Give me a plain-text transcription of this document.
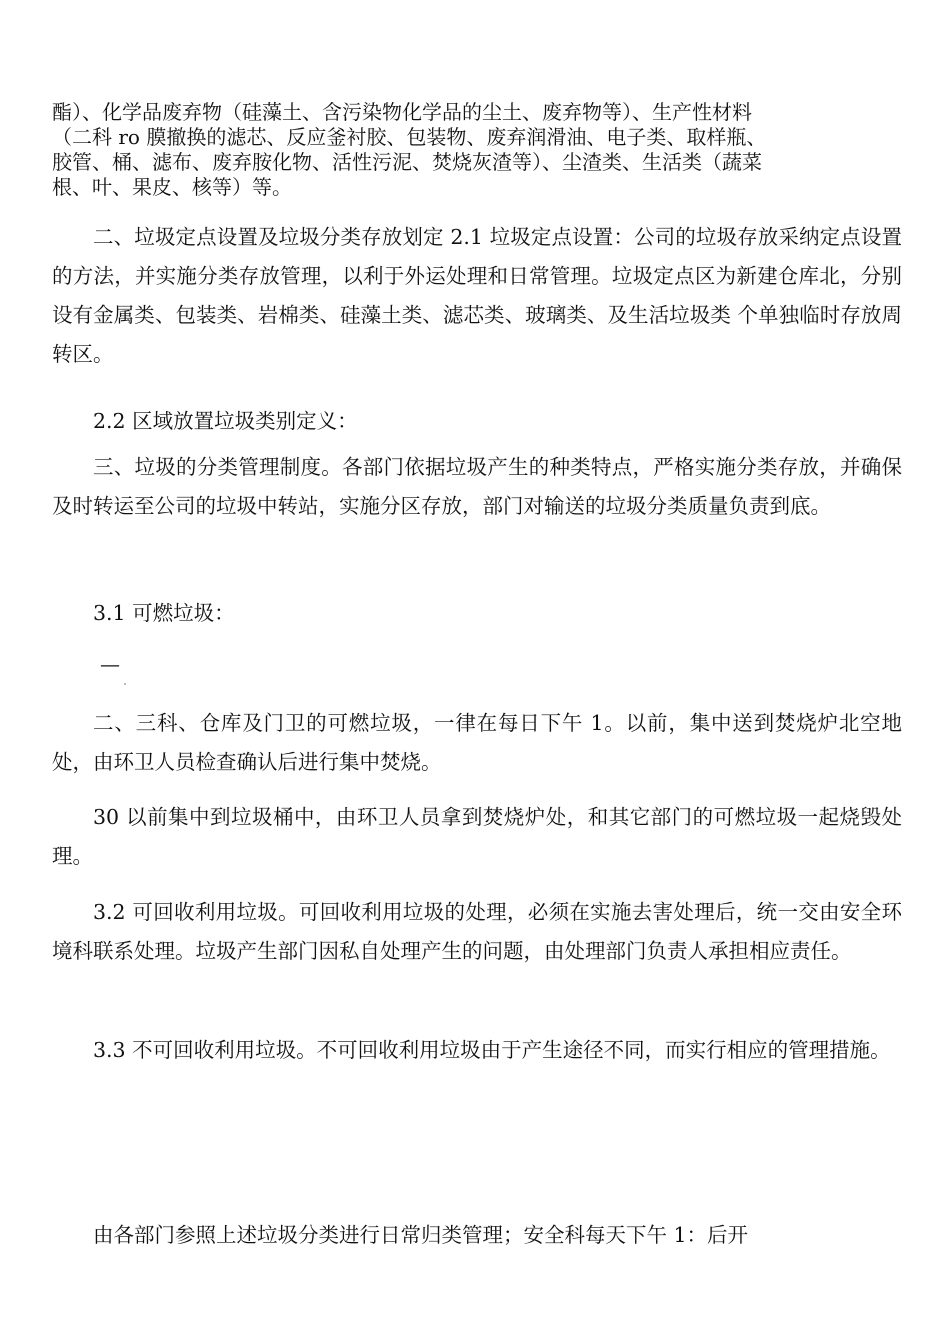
酯）、化学品废弃物（硅藻土、含污染物化学品的尘土、废弃物等）、生产性材料
（二科 ro 膜撤换的滤芯、反应釜衬胶、包装物、废弃润滑油、电子类、取样瓶、
胶管、桶、滤布、废弃胺化物、活性污泥、焚烧灰渣等）、尘渣类、生活类（蔬菜
根、叶、果皮、核等）等。

二、垃圾定点设置及垃圾分类存放划定 2.1 垃圾定点设置：公司的垃圾存放采纳定点设置的方法，并实施分类存放管理，以利于外运处理和日常管理。垃圾定点区为新建仓库北，分别设有金属类、包装类、岩棉类、硅藻土类、滤芯类、玻璃类、及生活垃圾类 个单独临时存放周转区。

2.2 区域放置垃圾类别定义：

三、垃圾的分类管理制度。各部门依据垃圾产生的种类特点，严格实施分类存放，并确保及时转运至公司的垃圾中转站，实施分区存放，部门对输送的垃圾分类质量负责到底。

3.1 可燃垃圾：

—

二、三科、仓库及门卫的可燃垃圾，一律在每日下午 1。以前，集中送到焚烧炉北空地处，由环卫人员检查确认后进行集中焚烧。

30 以前集中到垃圾桶中，由环卫人员拿到焚烧炉处，和其它部门的可燃垃圾一起烧毁处理。

3.2 可回收利用垃圾。可回收利用垃圾的处理，必须在实施去害处理后，统一交由安全环境科联系处理。垃圾产生部门因私自处理产生的问题，由处理部门负责人承担相应责任。

3.3 不可回收利用垃圾。不可回收利用垃圾由于产生途径不同，而实行相应的管理措施。

由各部门参照上述垃圾分类进行日常归类管理；安全科每天下午 1：后开
